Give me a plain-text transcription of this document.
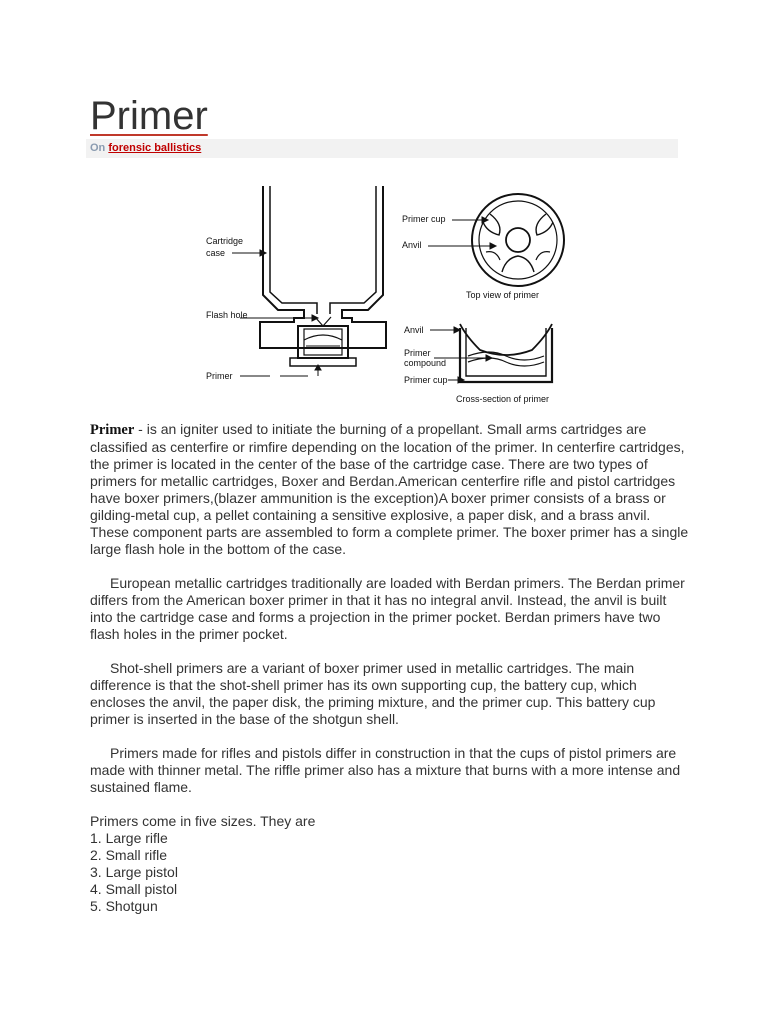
Primer
On forensic ballistics
Cartridge
case
Flash hole
Primer
Primer cup
Anvil
Top view of primer
Anvil
Primer
compound
Primer cup
Cross-section of primer

Primer - is an igniter used to initiate the burning of a propellant. Small arms cartridges are classified as centerfire or rimfire depending on the location of the primer. In centerfire cartridges, the primer is located in the center of the base of the cartridge case. There are two types of primers for metallic cartridges, Boxer and Berdan.American centerfire rifle and pistol cartridges have boxer primers,(blazer ammunition is the exception)A boxer primer consists of a brass or gilding-metal cup, a pellet containing a sensitive explosive, a paper disk, and a brass anvil. These component parts are assembled to form a complete primer. The boxer primer has a single large flash hole in the bottom of the case.

European metallic cartridges traditionally are loaded with Berdan primers. The Berdan primer differs from the American boxer primer in that it has no integral anvil. Instead, the anvil is built into the cartridge case and forms a projection in the primer pocket. Berdan primers have two flash holes in the primer pocket.

Shot-shell primers are a variant of boxer primer used in metallic cartridges. The main difference is that the shot-shell primer has its own supporting cup, the battery cup, which encloses the anvil, the paper disk, the priming mixture, and the primer cup. This battery cup primer is inserted in the base of the shotgun shell.

Primers made for rifles and pistols differ in construction in that the cups of pistol primers are made with thinner metal. The riffle primer also has a mixture that burns with a more intense and sustained flame.

Primers come in five sizes. They are
1. Large rifle
2. Small rifle
3. Large pistol
4. Small pistol
5. Shotgun
